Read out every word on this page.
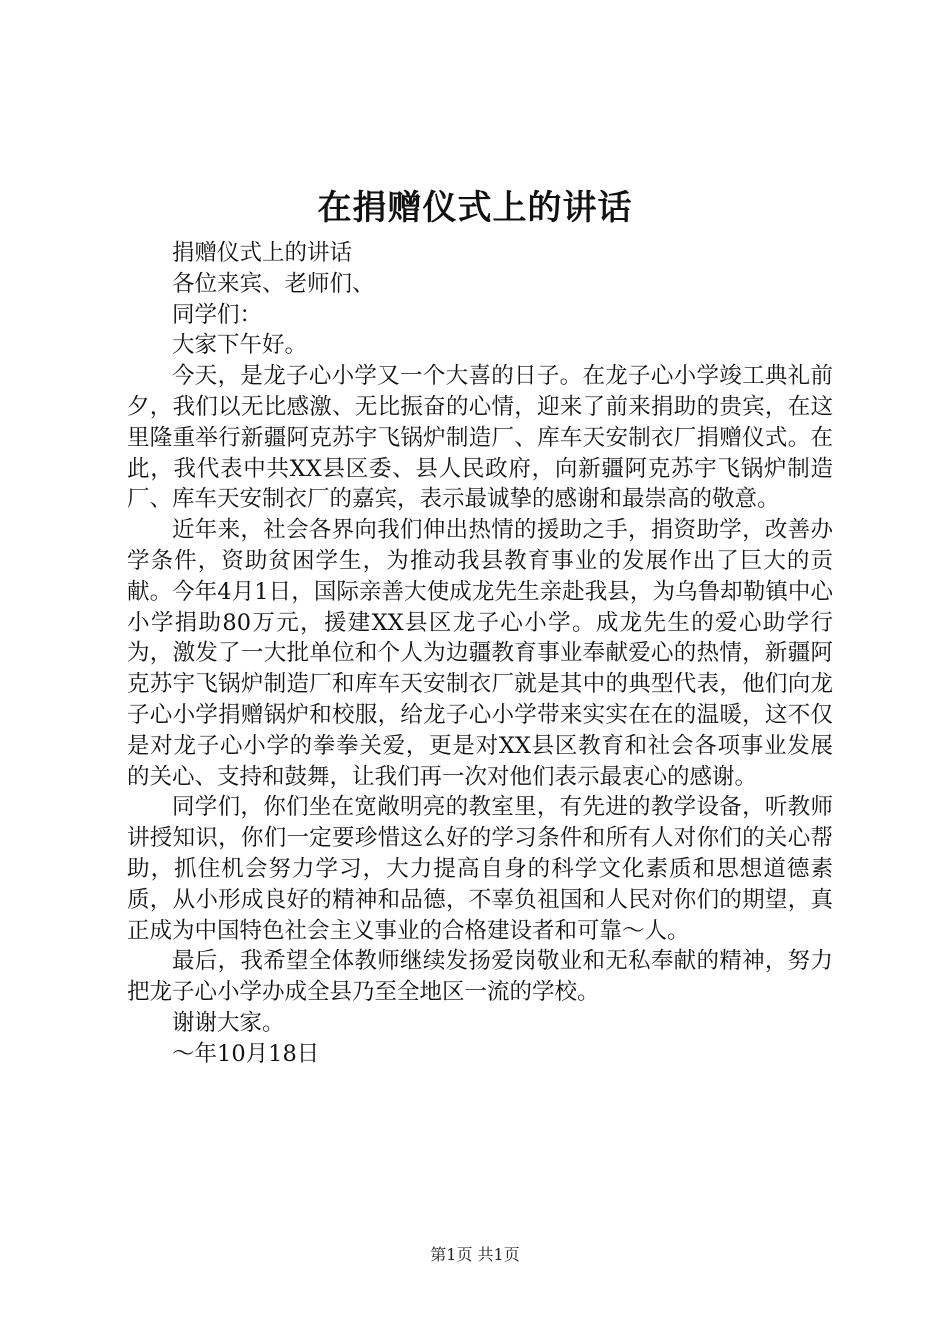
在捐赠仪式上的讲话

捐赠仪式上的讲话

各位来宾、老师们、

同学们：

大家下午好。

今天，是龙子心小学又一个大喜的日子。在龙子心小学竣工典礼前夕，我们以无比感激、无比振奋的心情，迎来了前来捐助的贵宾，在这里隆重举行新疆阿克苏宇飞锅炉制造厂、库车天安制衣厂捐赠仪式。在此，我代表中共XX县区委、县人民政府，向新疆阿克苏宇飞锅炉制造厂、库车天安制衣厂的嘉宾，表示最诚挚的感谢和最崇高的敬意。

近年来，社会各界向我们伸出热情的援助之手，捐资助学，改善办学条件，资助贫困学生，为推动我县教育事业的发展作出了巨大的贡献。今年4月1日，国际亲善大使成龙先生亲赴我县，为乌鲁却勒镇中心小学捐助80万元，援建XX县区龙子心小学。成龙先生的爱心助学行为，激发了一大批单位和个人为边疆教育事业奉献爱心的热情，新疆阿克苏宇飞锅炉制造厂和库车天安制衣厂就是其中的典型代表，他们向龙子心小学捐赠锅炉和校服，给龙子心小学带来实实在在的温暖，这不仅是对龙子心小学的拳拳关爱，更是对XX县区教育和社会各项事业发展的关心、支持和鼓舞，让我们再一次对他们表示最衷心的感谢。

同学们，你们坐在宽敞明亮的教室里，有先进的教学设备，听教师讲授知识，你们一定要珍惜这么好的学习条件和所有人对你们的关心帮助，抓住机会努力学习，大力提高自身的科学文化素质和思想道德素质，从小形成良好的精神和品德，不辜负祖国和人民对你们的期望，真正成为中国特色社会主义事业的合格建设者和可靠～人。

最后，我希望全体教师继续发扬爱岗敬业和无私奉献的精神，努力把龙子心小学办成全县乃至全地区一流的学校。

谢谢大家。

～年10月18日

第1页 共1页
